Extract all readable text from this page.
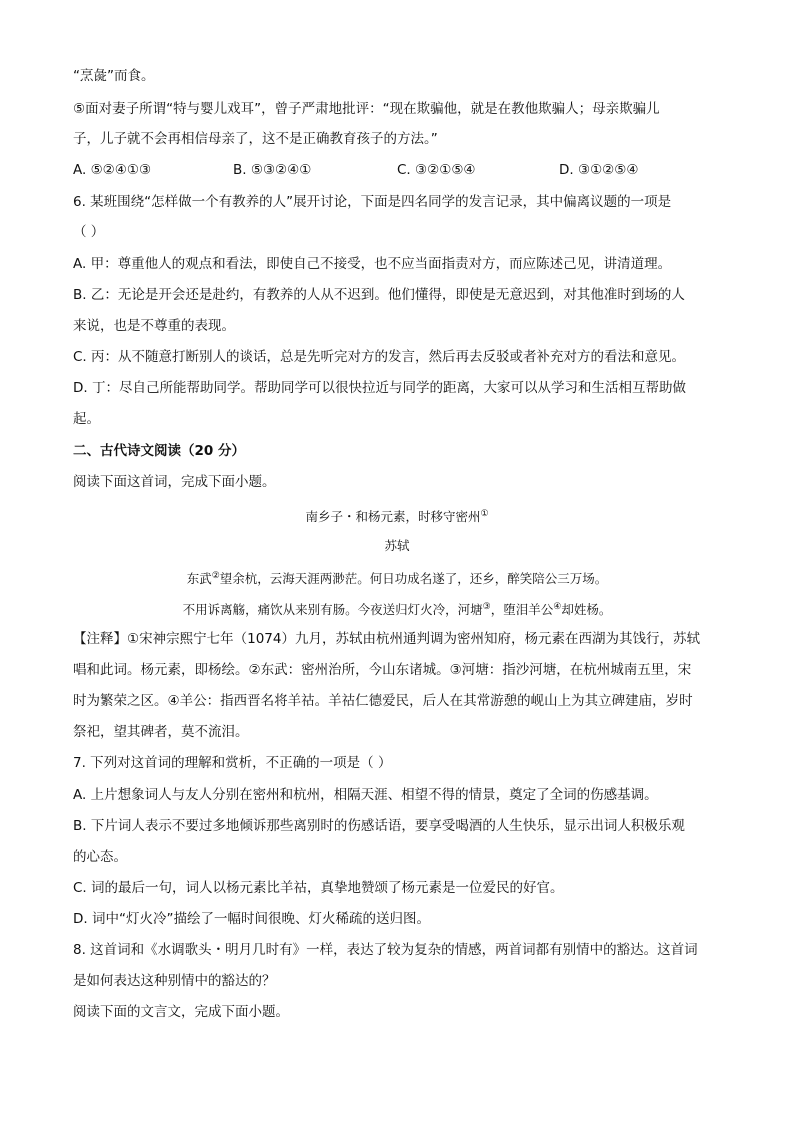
“烹彘”而食。
⑤面对妻子所谓“特与婴儿戏耳”，曾子严肃地批评：“现在欺骗他，就是在教他欺骗人；母亲欺骗儿
子，儿子就不会再相信母亲了，这不是正确教育孩子的方法。”
A. ⑤②④①③	B. ⑤③②④①	C. ③②①⑤④	D. ③①②⑤④
6. 某班围绕“怎样做一个有教养的人”展开讨论，下面是四名同学的发言记录，其中偏离议题的一项是
（ ）
A. 甲：尊重他人的观点和看法，即使自己不接受，也不应当面指责对方，而应陈述己见，讲清道理。
B. 乙：无论是开会还是赴约，有教养的人从不迟到。他们懂得，即使是无意迟到，对其他准时到场的人
来说，也是不尊重的表现。
C. 丙：从不随意打断别人的谈话，总是先听完对方的发言，然后再去反驳或者补充对方的看法和意见。
D. 丁：尽自己所能帮助同学。帮助同学可以很快拉近与同学的距离，大家可以从学习和生活相互帮助做
起。
二、古代诗文阅读（20 分）
阅读下面这首词，完成下面小题。
南乡子・和杨元素，时移守密州①
苏轼
东武②望余杭，云海天涯两渺茫。何日功成名遂了，还乡，醉笑陪公三万场。
不用诉离觞，痛饮从来别有肠。今夜送归灯火冷，河塘③，堕泪羊公④却姓杨。
【注释】①宋神宗熙宁七年（1074）九月，苏轼由杭州通判调为密州知府，杨元素在西湖为其饯行，苏轼
唱和此词。杨元素，即杨绘。②东武：密州治所，今山东诸城。③河塘：指沙河塘，在杭州城南五里，宋
时为繁荣之区。④羊公：指西晋名将羊祜。羊祜仁德爱民，后人在其常游憩的岘山上为其立碑建庙，岁时
祭祀，望其碑者，莫不流泪。
7. 下列对这首词的理解和赏析，不正确的一项是（ ）
A. 上片想象词人与友人分别在密州和杭州，相隔天涯、相望不得的情景，奠定了全词的伤感基调。
B. 下片词人表示不要过多地倾诉那些离别时的伤感话语，要享受喝酒的人生快乐，显示出词人积极乐观
的心态。
C. 词的最后一句，词人以杨元素比羊祜，真挚地赞颂了杨元素是一位爱民的好官。
D. 词中“灯火冷”描绘了一幅时间很晚、灯火稀疏的送归图。
8. 这首词和《水调歌头・明月几时有》一样，表达了较为复杂的情感，两首词都有别情中的豁达。这首词
是如何表达这种别情中的豁达的？
阅读下面的文言文，完成下面小题。
